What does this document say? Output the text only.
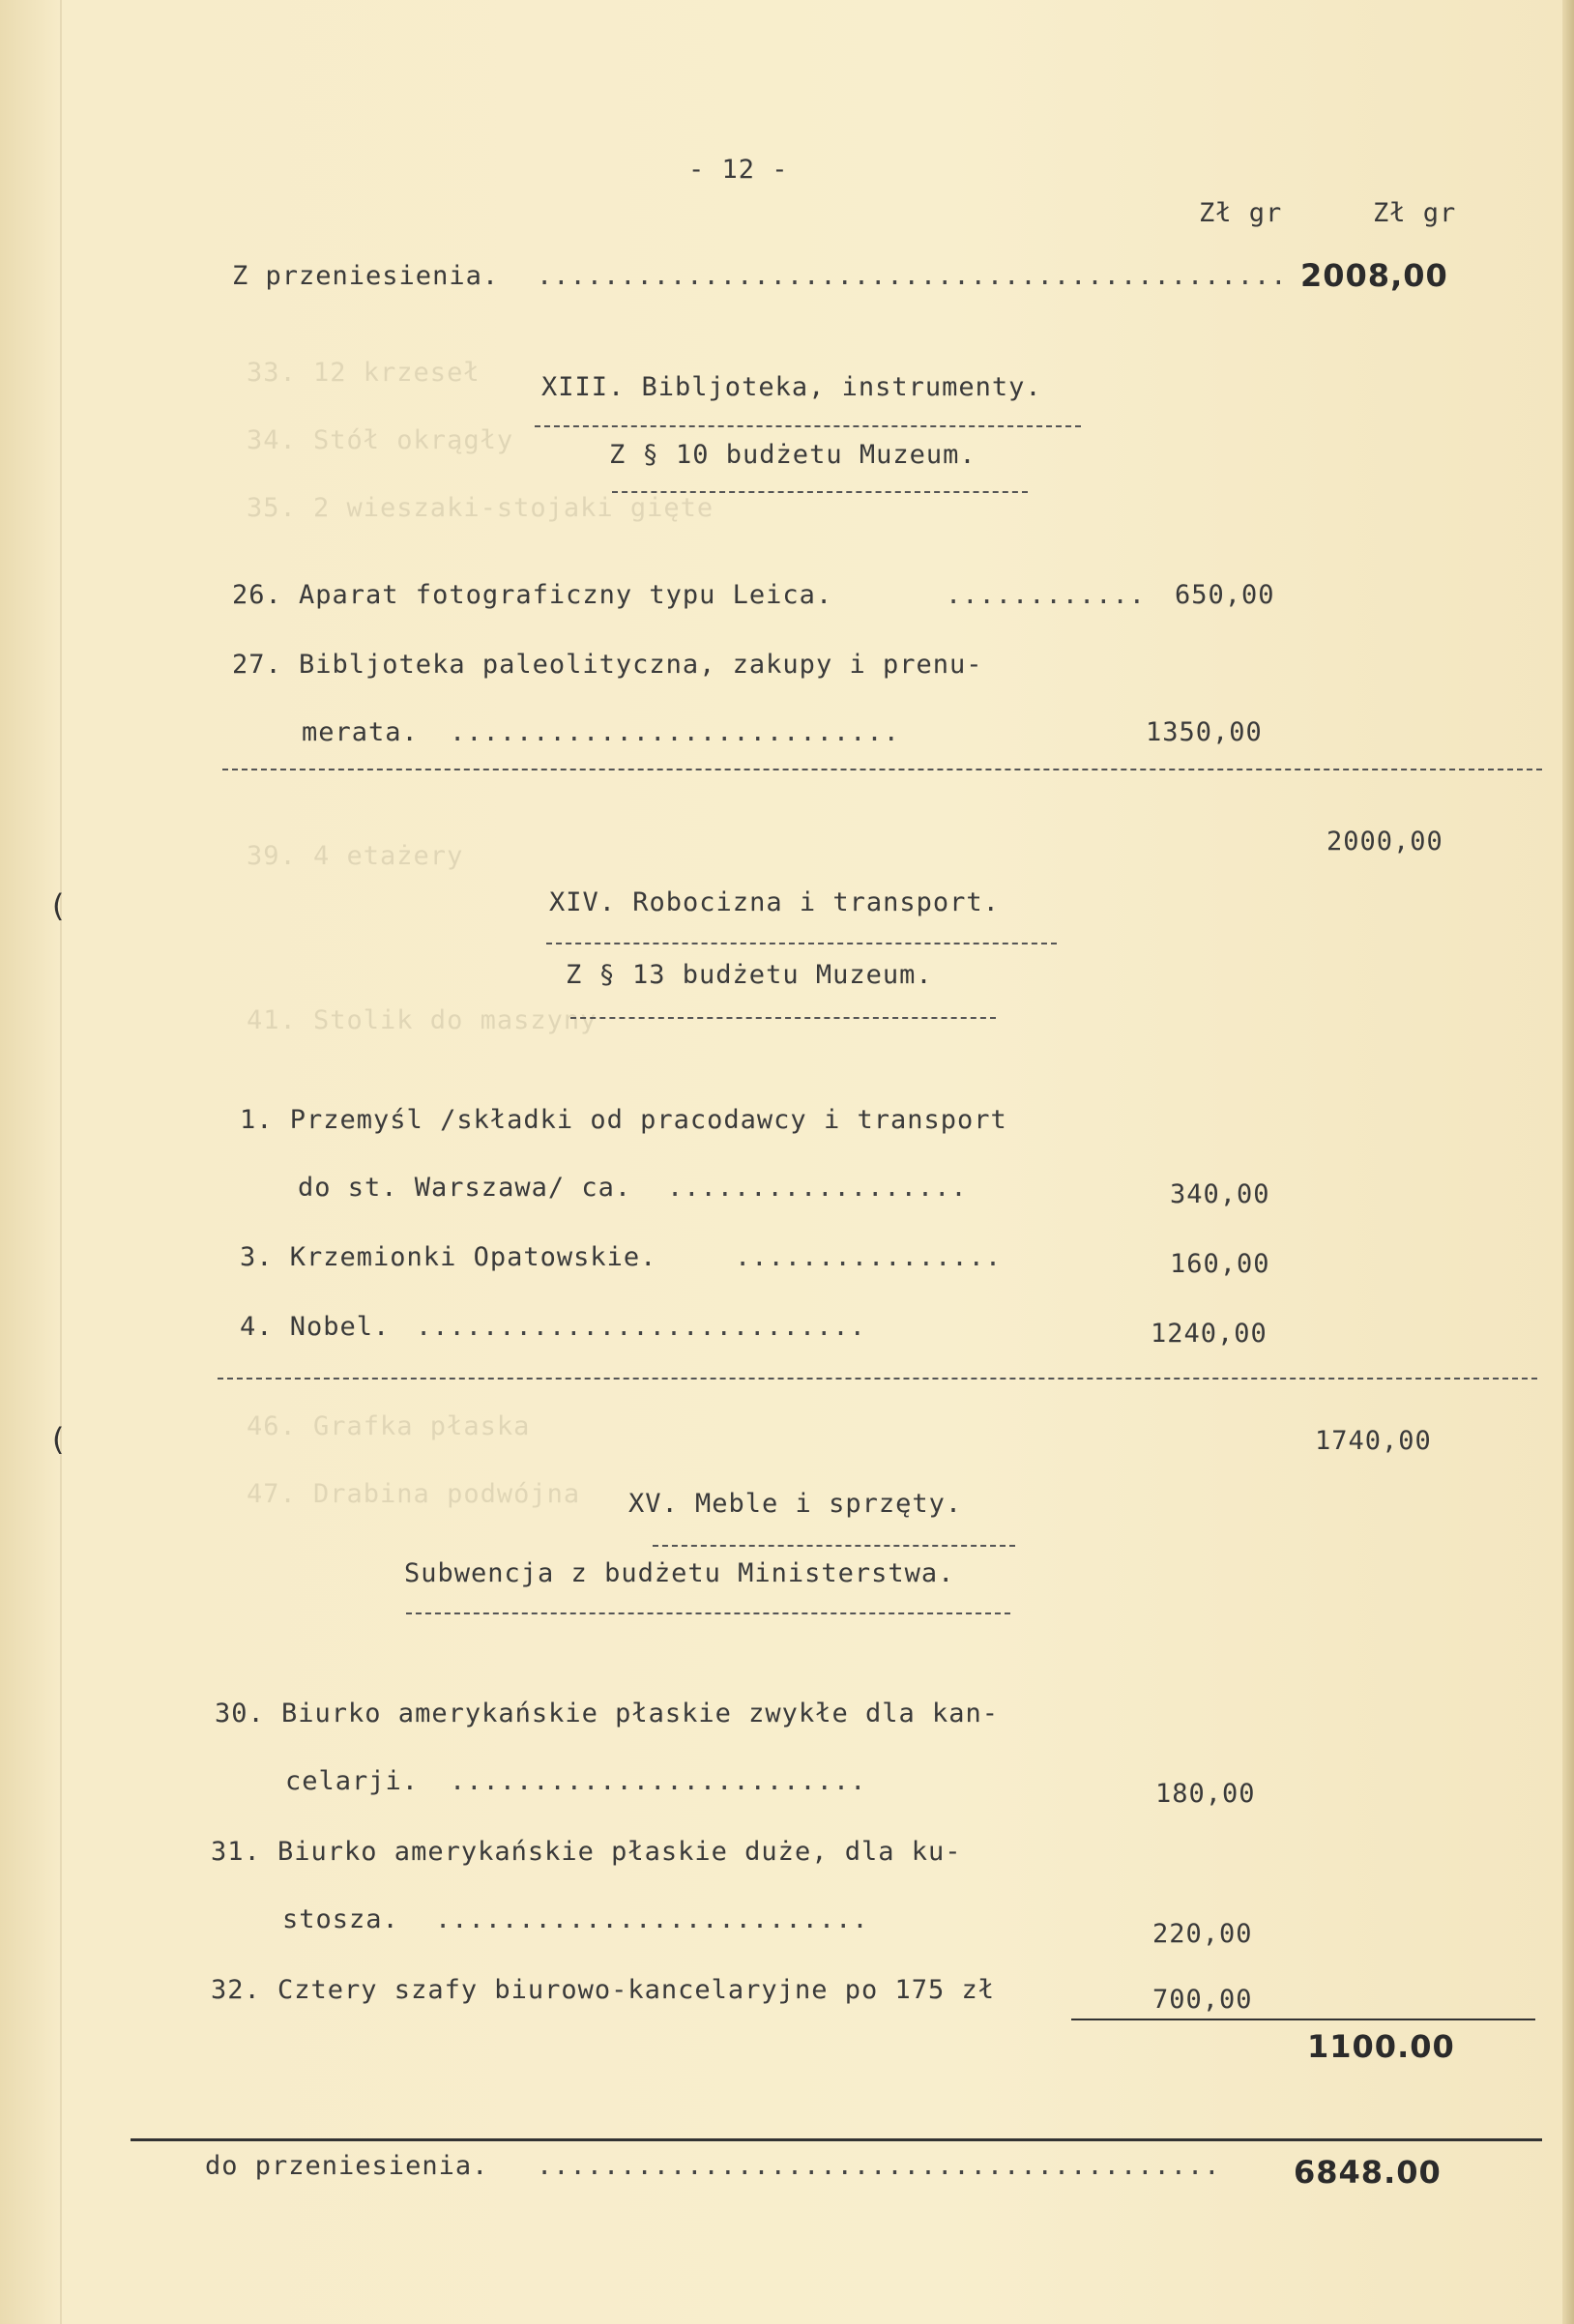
33. 12 krzeseł
34. Stół okrągły
35. 2 wieszaki-stojaki gięte
39. 4 etażery
41. Stolik do maszyny
46. Grafka płaska
47. Drabina podwójna
- 12 -
Zł gr	Zł gr
Z przeniesienia. ............................................. 2008,00
XIII. Bibljoteka, instrumenty.
Z § 10 budżetu Muzeum.
26. Aparat fotograficzny typu Leica.	............ 650,00
27. Bibljoteka paleolityczna, zakupy i prenu-
merata. ...........................	1350,00
2000,00
(	XIV. Robocizna i transport.
Z § 13 budżetu Muzeum.
1. Przemyśl /składki od pracodawcy i transport
do st. Warszawa/ ca. ..................	340,00
3. Krzemionki Opatowskie.	................	160,00
4. Nobel. ...........................	1240,00
(	1740,00
XV. Meble i sprzęty.
Subwencja z budżetu Ministerstwa.
30. Biurko amerykańskie płaskie zwykłe dla kan-
celarji. .........................	180,00
31. Biurko amerykańskie płaskie duże, dla ku-
stosza. ..........................	220,00
32. Cztery szafy biurowo-kancelaryjne po 175 zł	700,00
1100.00
do przeniesienia. ......................................... 6848.00
